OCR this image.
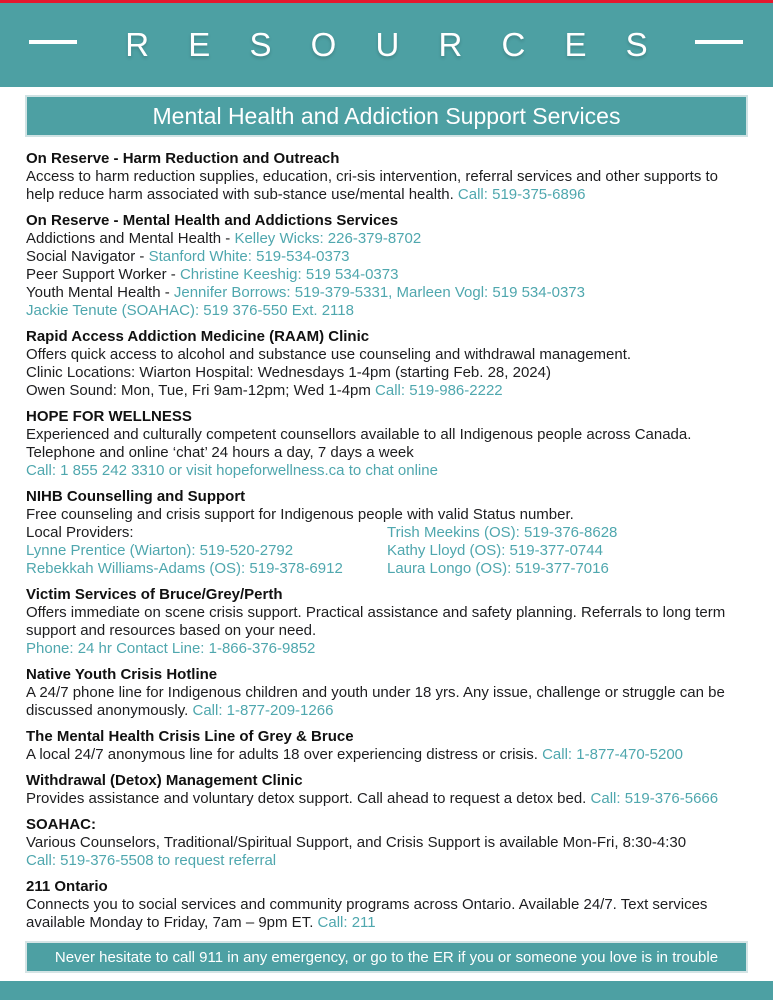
R E S O U R C E S
Mental Health and Addiction Support Services
On Reserve - Harm Reduction and Outreach

Access to harm reduction supplies, education, cri-sis intervention, referral services and other supports to help reduce harm associated with sub-stance use/mental health. Call: 519-375-6896

On Reserve - Mental Health and Addictions Services

Addictions and Mental Health - Kelley Wicks: 226-379-8702

Social Navigator - Stanford White: 519-534-0373

Peer Support Worker - Christine Keeshig: 519 534-0373

Youth Mental Health - Jennifer Borrows: 519-379-5331, Marleen Vogl: 519 534-0373

Jackie Tenute (SOAHAC): 519 376-550 Ext. 2118

Rapid Access Addiction Medicine (RAAM) Clinic

Offers quick access to alcohol and substance use counseling and withdrawal management.

Clinic Locations: Wiarton Hospital: Wednesdays 1-4pm (starting Feb. 28, 2024)

Owen Sound: Mon, Tue, Fri 9am-12pm; Wed 1-4pm Call: 519-986-2222

HOPE FOR WELLNESS

Experienced and culturally competent counsellors available to all Indigenous people across Canada.

Telephone and online ‘chat’ 24 hours a day, 7 days a week

Call: 1 855 242 3310 or visit hopeforwellness.ca to chat online

NIHB Counselling and Support

Free counseling and crisis support for Indigenous people with valid Status number.

Local Providers:

Lynne Prentice (Wiarton): 519-520-2792

Rebekkah Williams-Adams (OS): 519-378-6912

Trish Meekins (OS): 519-376-8628

Kathy Lloyd (OS): 519-377-0744

Laura Longo (OS): 519-377-7016

Victim Services of Bruce/Grey/Perth

Offers immediate on scene crisis support. Practical assistance and safety planning. Referrals to long term support and resources based on your need.

Phone: 24 hr Contact Line: 1-866-376-9852

Native Youth Crisis Hotline

A 24/7 phone line for Indigenous children and youth under 18 yrs. Any issue, challenge or struggle can be discussed anonymously. Call: 1-877-209-1266

The Mental Health Crisis Line of Grey & Bruce

A local 24/7 anonymous line for adults 18 over experiencing distress or crisis. Call: 1-877-470-5200

Withdrawal (Detox) Management Clinic

Provides assistance and voluntary detox support. Call ahead to request a detox bed. Call: 519-376-5666

SOAHAC:

Various Counselors, Traditional/Spiritual Support, and Crisis Support is available Mon-Fri, 8:30-4:30

Call: 519-376-5508 to request referral

211 Ontario

Connects you to social services and community programs across Ontario. Available 24/7. Text services available Monday to Friday, 7am – 9pm ET. Call: 211

Never hesitate to call 911 in any emergency, or go to the ER if you or someone you love is in trouble
